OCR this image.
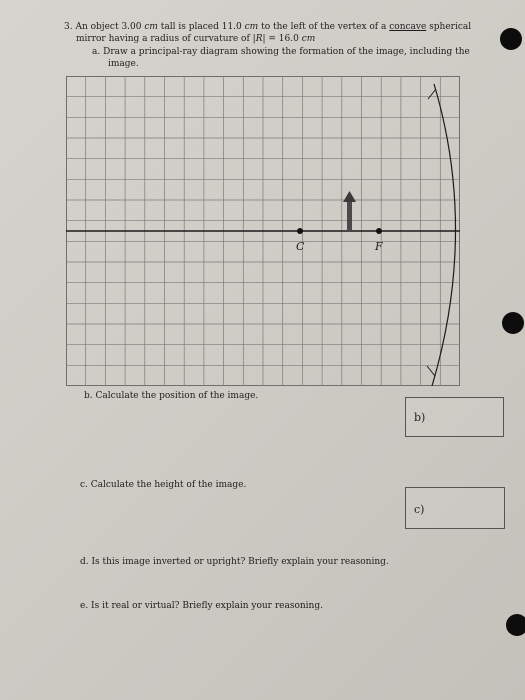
3. An object 3.00 cm tall is placed 11.0 cm to the left of the vertex of a concave spherical
mirror having a radius of curvature of |R| = 16.0 cm
a. Draw a principal-ray diagram showing the formation of the image, including the
image.
C	F
b. Calculate the position of the image.
b)
c. Calculate the height of the image.
c)
d. Is this image inverted or upright? Briefly explain your reasoning.
e. Is it real or virtual? Briefly explain your reasoning.
